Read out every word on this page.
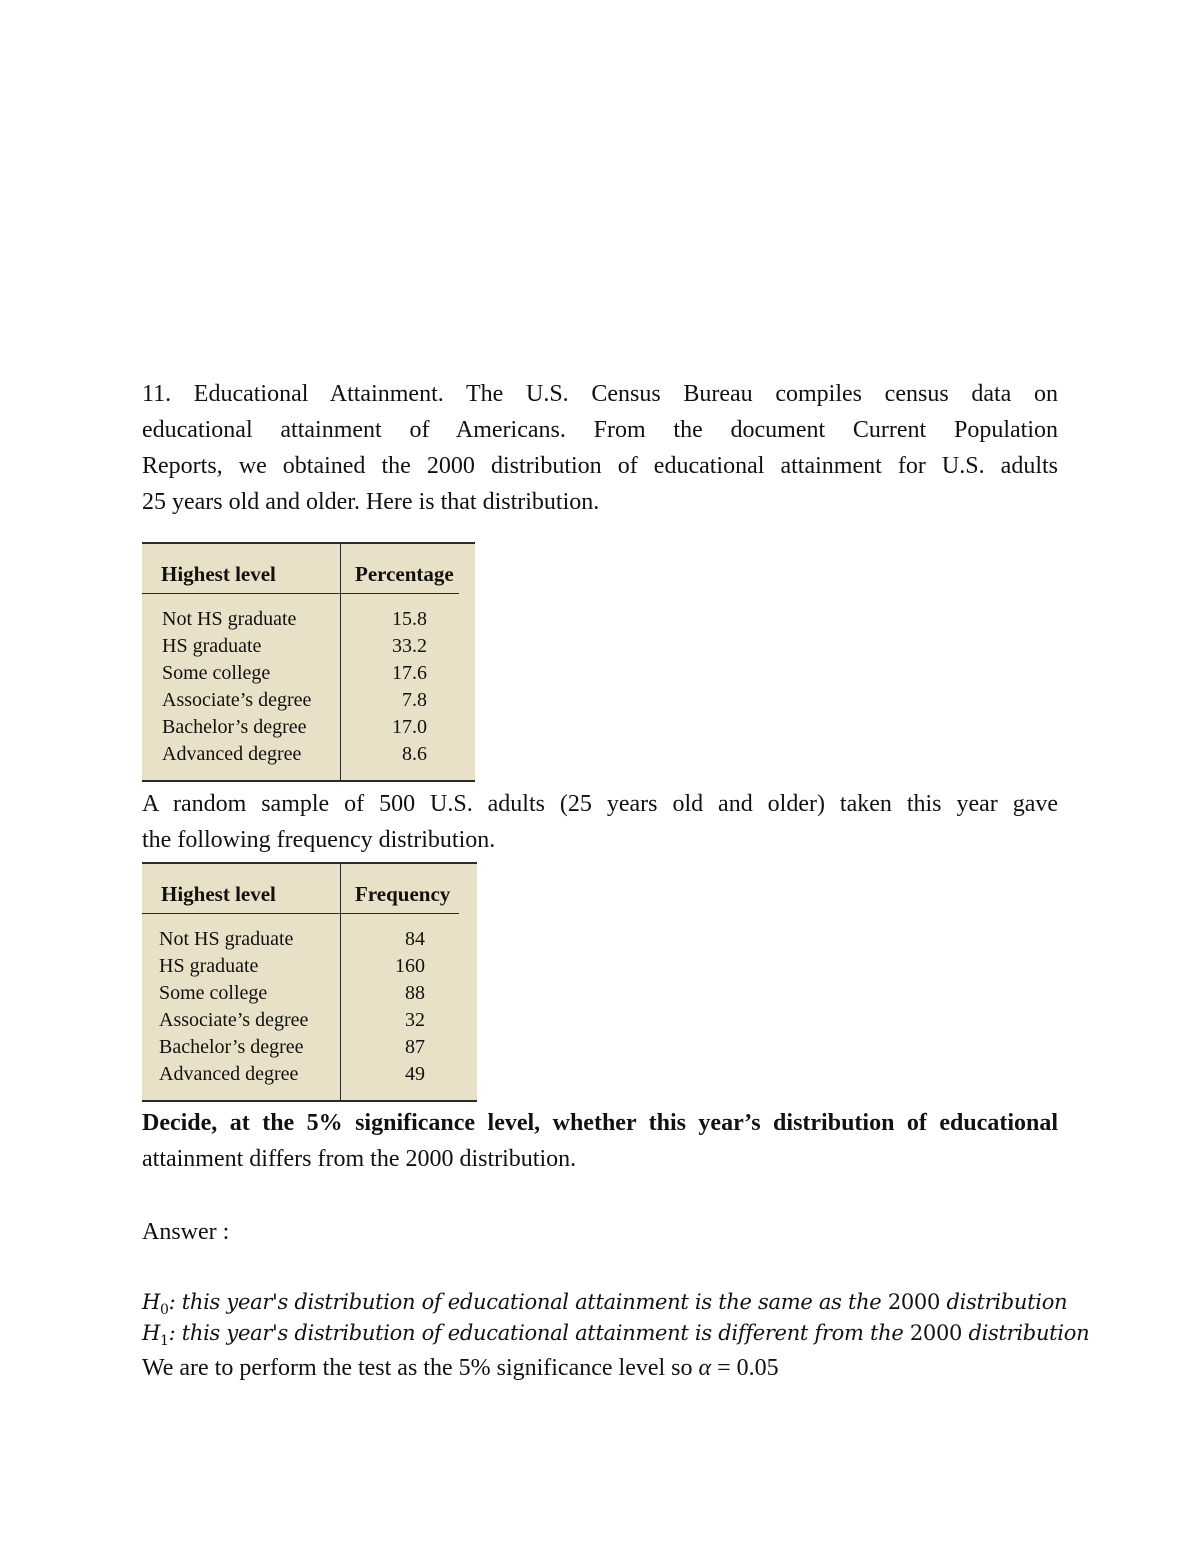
11. Educational Attainment. The U.S. Census Bureau compiles census data on
educational attainment of Americans. From the document Current Population
Reports, we obtained the 2000 distribution of educational attainment for U.S. adults
25 years old and older. Here is that distribution.
Highest level	Percentage
Not HS graduate	15.8
HS graduate	33.2
Some college	17.6
Associate’s degree	7.8
Bachelor’s degree	17.0
Advanced degree	8.6
A random sample of 500 U.S. adults (25 years old and older) taken this year gave
the following frequency distribution.
Highest level	Frequency
Not HS graduate	84
HS graduate	160
Some college	88
Associate’s degree	32
Bachelor’s degree	87
Advanced degree	49
Decide, at the 5% significance level, whether this year’s distribution of educational
attainment differs from the 2000 distribution.
Answer :
$H_0$: this year's distribution of educational attainment is the same as the 2000 distribution
$H_1$: this year's distribution of educational attainment is different from the 2000 distribution
We are to perform the test as the 5% significance level so α = 0.05
